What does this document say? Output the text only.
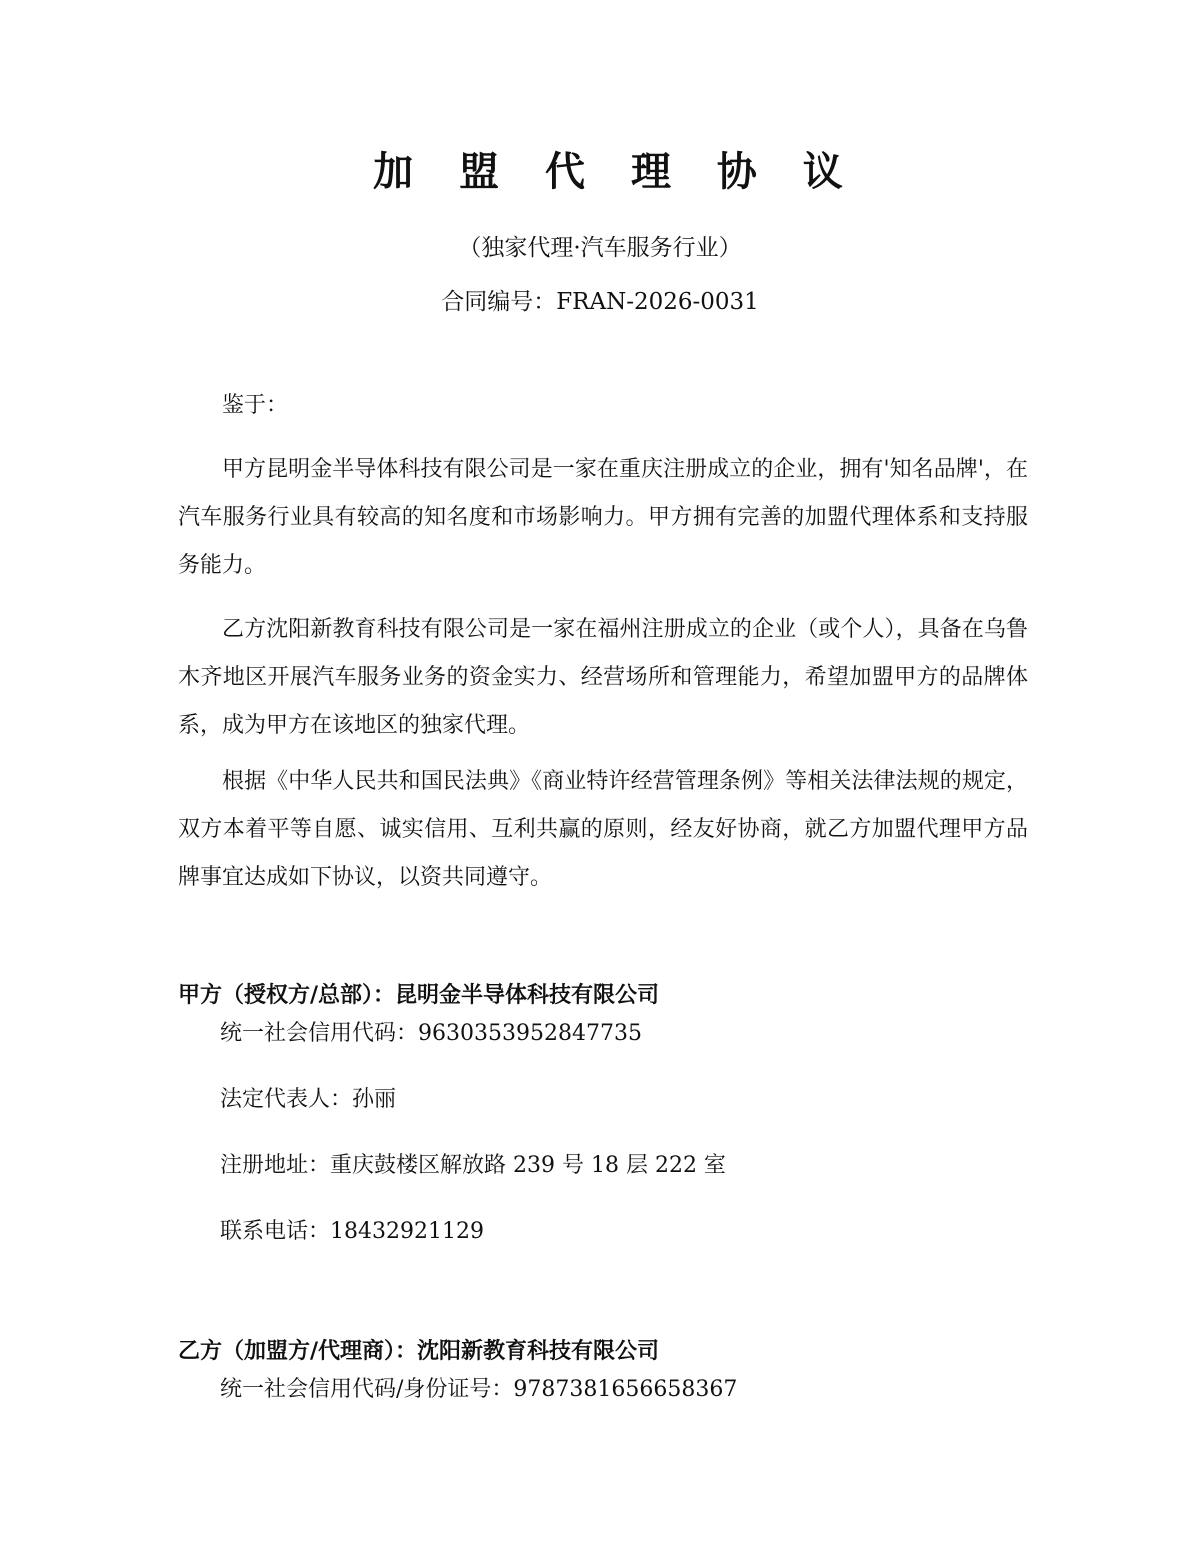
加 盟 代 理 协 议
（独家代理·汽车服务行业）
合同编号：FRAN-2026-0031
鉴于：
甲方昆明金半导体科技有限公司是一家在重庆注册成立的企业，拥有'知名品牌'，在汽车服务行业具有较高的知名度和市场影响力。甲方拥有完善的加盟代理体系和支持服务能力。
乙方沈阳新教育科技有限公司是一家在福州注册成立的企业（或个人），具备在乌鲁木齐地区开展汽车服务业务的资金实力、经营场所和管理能力，希望加盟甲方的品牌体系，成为甲方在该地区的独家代理。
根据《中华人民共和国民法典》《商业特许经营管理条例》等相关法律法规的规定，双方本着平等自愿、诚实信用、互利共赢的原则，经友好协商，就乙方加盟代理甲方品牌事宜达成如下协议，以资共同遵守。
甲方（授权方/总部）：昆明金半导体科技有限公司
统一社会信用代码：9630353952847735
法定代表人：孙丽
注册地址：重庆鼓楼区解放路 239 号 18 层 222 室
联系电话：18432921129
乙方（加盟方/代理商）：沈阳新教育科技有限公司
统一社会信用代码/身份证号：9787381656658367
